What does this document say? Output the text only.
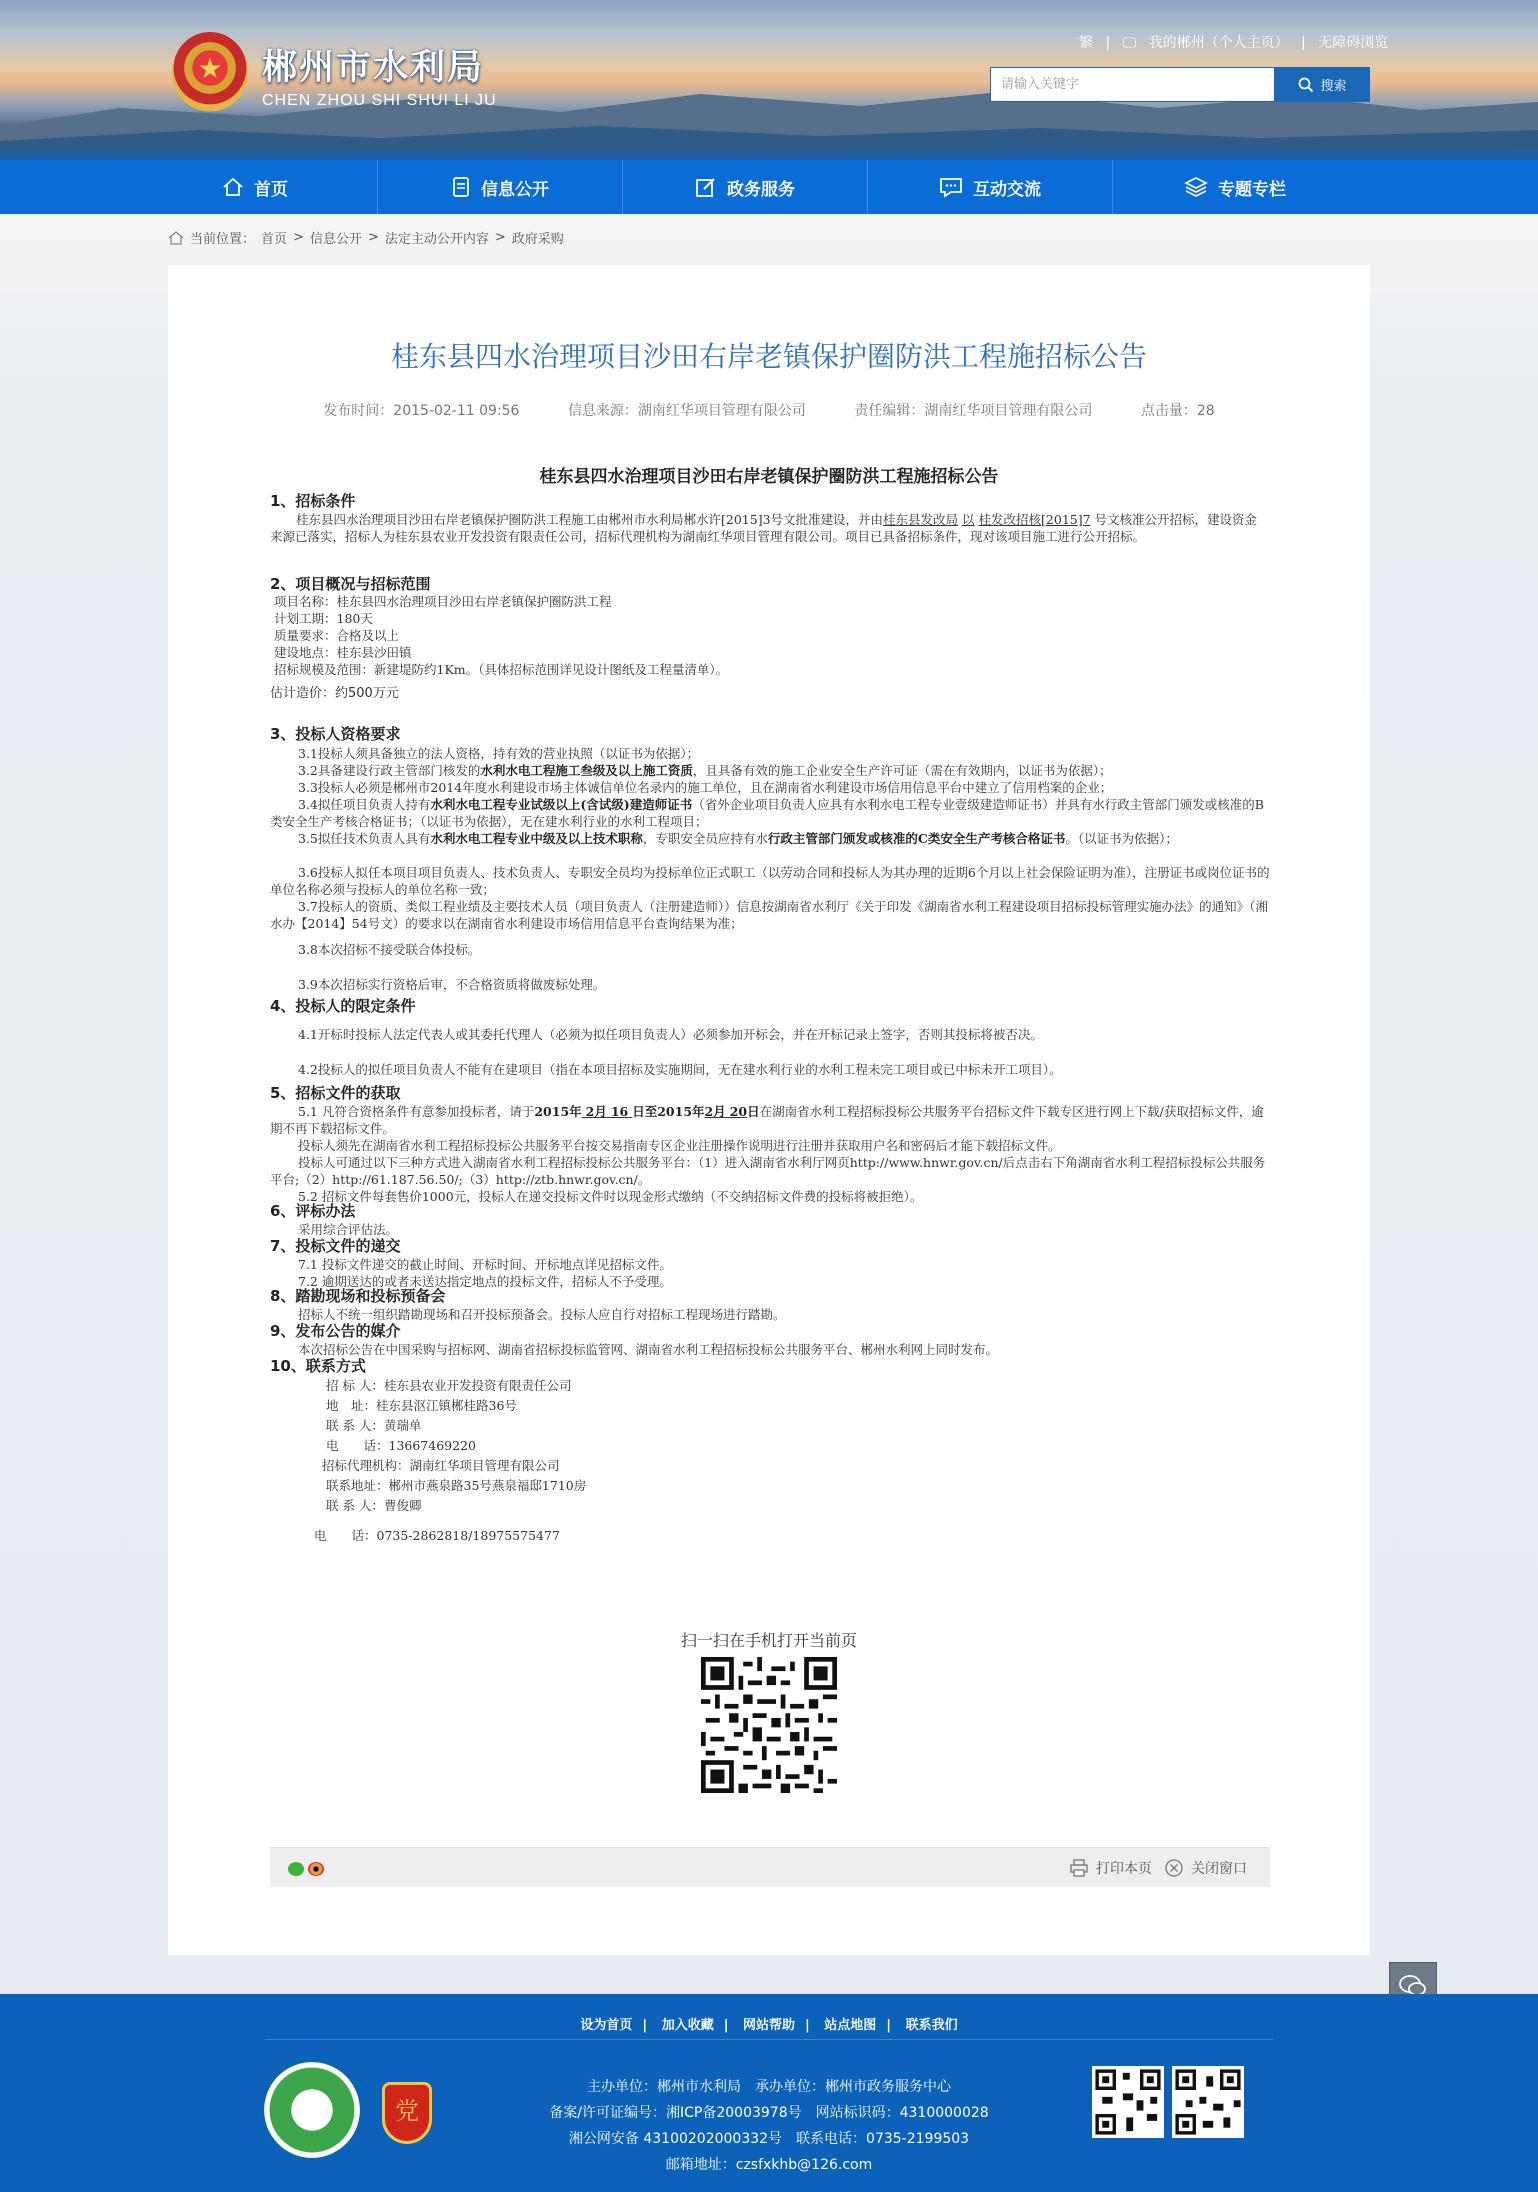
★	郴州市水利局
CHEN ZHOU SHI SHUI LI JU
繁 | 🖵 我的郴州（个人主页） | 无障碍浏览
请输入关键字	搜索
首页	信息公开	政务服务	互动交流	专题专栏
当前位置： 首页 > 信息公开 > 法定主动公开内容 > 政府采购
桂东县四水治理项目沙田右岸老镇保护圈防洪工程施招标公告
发布时间：2015-02-11 09:56	信息来源：湖南红华项目管理有限公司	责任编辑：湖南红华项目管理有限公司	点击量：28
桂东县四水治理项目沙田右岸老镇保护圈防洪工程施招标公告
1、招标条件
桂东县四水治理项目沙田右岸老镇保护圈防洪工程施工由郴州市水利局郴水许[2015]3号文批准建设，并由桂东县发改局 以 桂发改招核[2015]7 号文核准公开招标，建设资金来源已落实，招标人为桂东县农业开发投资有限责任公司，招标代理机构为湖南红华项目管理有限公司。项目已具备招标条件，现对该项目施工进行公开招标。
2、项目概况与招标范围
项目名称：桂东县四水治理项目沙田右岸老镇保护圈防洪工程
计划工期：180天
质量要求：合格及以上
建设地点：桂东县沙田镇
招标规模及范围：新建堤防约1Km。（具体招标范围详见设计图纸及工程量清单）。
估计造价：约500万元
3、投标人资格要求
3.1投标人须具备独立的法人资格，持有效的营业执照（以证书为依据）；
3.2具备建设行政主管部门核发的水利水电工程施工叁级及以上施工资质，且具备有效的施工企业安全生产许可证（需在有效期内，以证书为依据）；
3.3投标人必须是郴州市2014年度水利建设市场主体诚信单位名录内的施工单位，且在湖南省水利建设市场信用信息平台中建立了信用档案的企业；
3.4拟任项目负责人持有水利水电工程专业试级以上(含试级)建造师证书（省外企业项目负责人应具有水利水电工程专业壹级建造师证书）并具有水行政主管部门颁发或核准的B类安全生产考核合格证书；（以证书为依据），无在建水利行业的水利工程项目；
3.5拟任技术负责人具有水利水电工程专业中级及以上技术职称，专职安全员应持有水行政主管部门颁发或核准的C类安全生产考核合格证书。（以证书为依据）；
3.6投标人拟任本项目项目负责人、技术负责人、专职安全员均为投标单位正式职工（以劳动合同和投标人为其办理的近期6个月以上社会保险证明为准），注册证书或岗位证书的单位名称必须与投标人的单位名称一致；
3.7投标人的资质、类似工程业绩及主要技术人员（项目负责人（注册建造师））信息按湖南省水利厅《关于印发《湖南省水利工程建设项目招标投标管理实施办法》的通知》（湘水办【2014】54号文）的要求以在湖南省水利建设市场信用信息平台查询结果为准；
3.8本次招标不接受联合体投标。
3.9本次招标实行资格后审，不合格资质将做废标处理。
4、投标人的限定条件
4.1开标时投标人法定代表人或其委托代理人（必须为拟任项目负责人）必须参加开标会，并在开标记录上签字，否则其投标将被否决。
4.2投标人的拟任项目负责人不能有在建项目（指在本项目招标及实施期间，无在建水利行业的水利工程未完工项目或已中标未开工项目）。
5、招标文件的获取
5.1 凡符合资格条件有意参加投标者，请于2015年 2月 16 日至2015年2月 20日在湖南省水利工程招标投标公共服务平台招标文件下载专区进行网上下载/获取招标文件，逾期不再下载招标文件。
投标人须先在湖南省水利工程招标投标公共服务平台按交易指南专区企业注册操作说明进行注册并获取用户名和密码后才能下载招标文件。
投标人可通过以下三种方式进入湖南省水利工程招标投标公共服务平台：（1）进入湖南省水利厅网页http://www.hnwr.gov.cn/后点击右下角湖南省水利工程招标投标公共服务平台;（2）http://61.187.56.50/;（3）http://ztb.hnwr.gov.cn/。
5.2 招标文件每套售价1000元，投标人在递交投标文件时以现金形式缴纳（不交纳招标文件费的投标将被拒绝）。
6、评标办法
采用综合评估法。
7、投标文件的递交
7.1 投标文件递交的截止时间、开标时间、开标地点详见招标文件。
7.2 逾期送达的或者未送达指定地点的投标文件，招标人不予受理。
8、踏勘现场和投标预备会
招标人不统一组织踏勘现场和召开投标预备会。投标人应自行对招标工程现场进行踏勘。
9、发布公告的媒介
本次招标公告在中国采购与招标网、湖南省招标投标监管网、湖南省水利工程招标投标公共服务平台、郴州水利网上同时发布。
10、联系方式
招 标 人：桂东县农业开发投资有限责任公司
地　址：桂东县沤江镇郴桂路36号
联 系 人：黄瑞单
电　　话：13667469220
招标代理机构：湖南红华项目管理有限公司
联系地址：郴州市燕泉路35号燕泉福邸1710房
联 系 人：曹俊卿
电　　话：0735-2862818/18975575477
扫一扫在手机打开当前页
打印本页	关闭窗口
设为首页 | 加入收藏 | 网站帮助 | 站点地图 | 联系我们
党
主办单位：郴州市水利局　承办单位：郴州市政务服务中心
备案/许可证编号：湘ICP备20003978号　网站标识码：4310000028
湘公网安备 43100202000332号　联系电话：0735-2199503
邮箱地址：czsfxkhb@126.com
